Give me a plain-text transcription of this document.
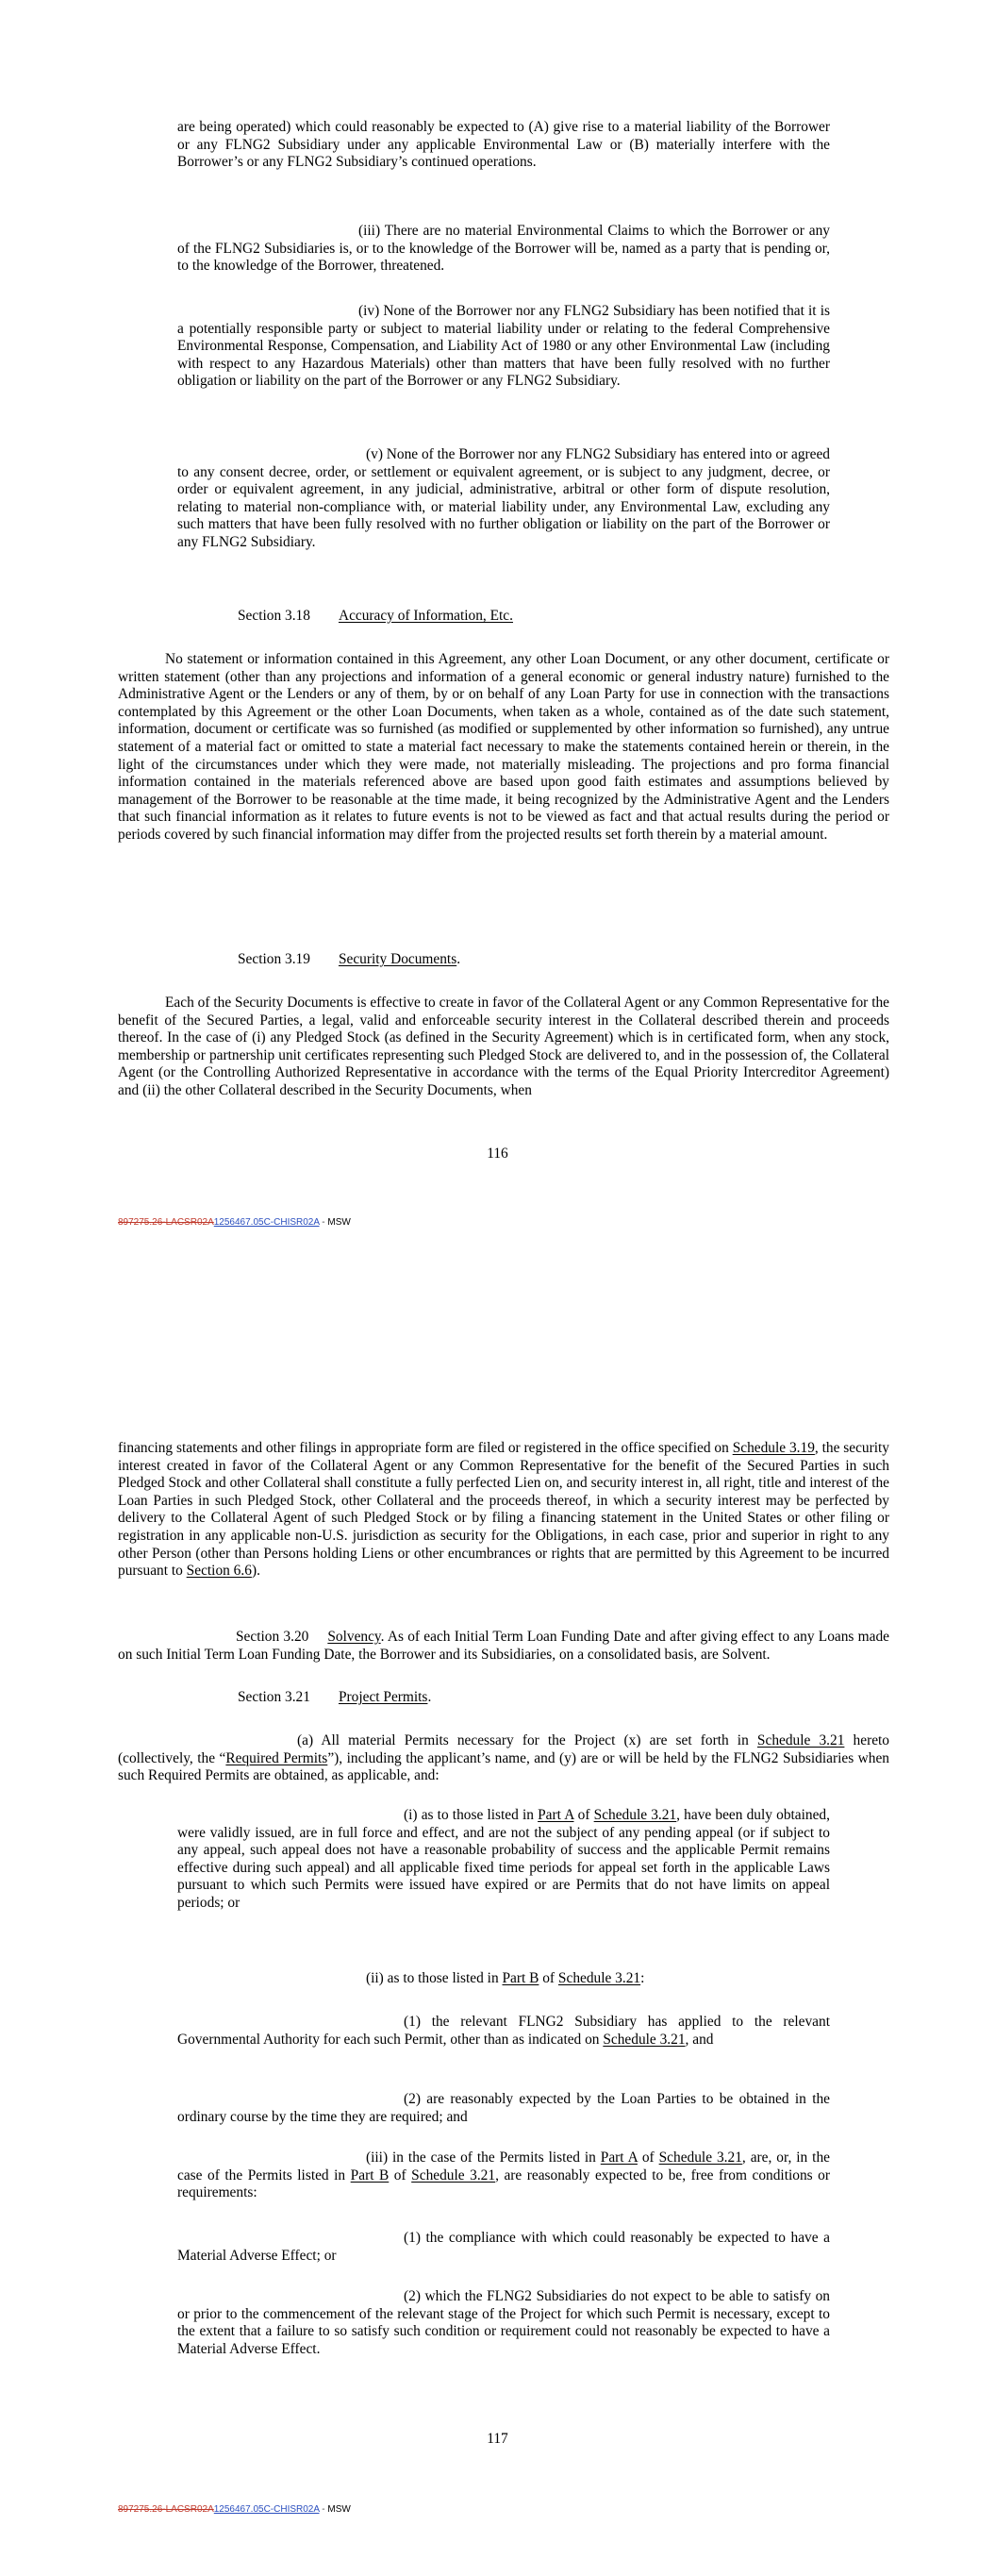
are being operated) which could reasonably be expected to (A) give rise to a material liability of the Borrower or any FLNG2 Subsidiary under any applicable Environmental Law or (B) materially interfere with the Borrower’s or any FLNG2 Subsidiary’s continued operations.

(iii) There are no material Environmental Claims to which the Borrower or any of the FLNG2 Subsidiaries is, or to the knowledge of the Borrower will be, named as a party that is pending or, to the knowledge of the Borrower, threatened.

(iv) None of the Borrower nor any FLNG2 Subsidiary has been notified that it is a potentially responsible party or subject to material liability under or relating to the federal Comprehensive Environmental Response, Compensation, and Liability Act of 1980 or any other Environmental Law (including with respect to any Hazardous Materials) other than matters that have been fully resolved with no further obligation or liability on the part of the Borrower or any FLNG2 Subsidiary.

(v) None of the Borrower nor any FLNG2 Subsidiary has entered into or agreed to any consent decree, order, or settlement or equivalent agreement, or is subject to any judgment, decree, or order or equivalent agreement, in any judicial, administrative, arbitral or other form of dispute resolution, relating to material non-compliance with, or material liability under, any Environmental Law, excluding any such matters that have been fully resolved with no further obligation or liability on the part of the Borrower or any FLNG2 Subsidiary.

Section 3.18 Accuracy of Information, Etc.

No statement or information contained in this Agreement, any other Loan Document, or any other document, certificate or written statement (other than any projections and information of a general economic or general industry nature) furnished to the Administrative Agent or the Lenders or any of them, by or on behalf of any Loan Party for use in connection with the transactions contemplated by this Agreement or the other Loan Documents, when taken as a whole, contained as of the date such statement, information, document or certificate was so furnished (as modified or supplemented by other information so furnished), any untrue statement of a material fact or omitted to state a material fact necessary to make the statements contained herein or therein, in the light of the circumstances under which they were made, not materially misleading. The projections and pro forma financial information contained in the materials referenced above are based upon good faith estimates and assumptions believed by management of the Borrower to be reasonable at the time made, it being recognized by the Administrative Agent and the Lenders that such financial information as it relates to future events is not to be viewed as fact and that actual results during the period or periods covered by such financial information may differ from the projected results set forth therein by a material amount.

Section 3.19 Security Documents.

Each of the Security Documents is effective to create in favor of the Collateral Agent or any Common Representative for the benefit of the Secured Parties, a legal, valid and enforceable security interest in the Collateral described therein and proceeds thereof. In the case of (i) any Pledged Stock (as defined in the Security Agreement) which is in certificated form, when any stock, membership or partnership unit certificates representing such Pledged Stock are delivered to, and in the possession of, the Collateral Agent (or the Controlling Authorized Representative in accordance with the terms of the Equal Priority Intercreditor Agreement) and (ii) the other Collateral described in the Security Documents, when

116
897275.26-LACSR02A1256467.05C-CHISR02A - MSW

financing statements and other filings in appropriate form are filed or registered in the office specified on Schedule 3.19, the security interest created in favor of the Collateral Agent or any Common Representative for the benefit of the Secured Parties in such Pledged Stock and other Collateral shall constitute a fully perfected Lien on, and security interest in, all right, title and interest of the Loan Parties in such Pledged Stock, other Collateral and the proceeds thereof, in which a security interest may be perfected by delivery to the Collateral Agent of such Pledged Stock or by filing a financing statement in the United States or other filing or registration in any applicable non-U.S. jurisdiction as security for the Obligations, in each case, prior and superior in right to any other Person (other than Persons holding Liens or other encumbrances or rights that are permitted by this Agreement to be incurred pursuant to Section 6.6).

Section 3.20 Solvency. As of each Initial Term Loan Funding Date and after giving effect to any Loans made on such Initial Term Loan Funding Date, the Borrower and its Subsidiaries, on a consolidated basis, are Solvent.

Section 3.21 Project Permits.

(a) All material Permits necessary for the Project (x) are set forth in Schedule 3.21 hereto (collectively, the “Required Permits”), including the applicant’s name, and (y) are or will be held by the FLNG2 Subsidiaries when such Required Permits are obtained, as applicable, and:

(i) as to those listed in Part A of Schedule 3.21, have been duly obtained, were validly issued, are in full force and effect, and are not the subject of any pending appeal (or if subject to any appeal, such appeal does not have a reasonable probability of success and the applicable Permit remains effective during such appeal) and all applicable fixed time periods for appeal set forth in the applicable Laws pursuant to which such Permits were issued have expired or are Permits that do not have limits on appeal periods; or

(ii) as to those listed in Part B of Schedule 3.21:

(1) the relevant FLNG2 Subsidiary has applied to the relevant Governmental Authority for each such Permit, other than as indicated on Schedule 3.21, and

(2) are reasonably expected by the Loan Parties to be obtained in the ordinary course by the time they are required; and

(iii) in the case of the Permits listed in Part A of Schedule 3.21, are, or, in the case of the Permits listed in Part B of Schedule 3.21, are reasonably expected to be, free from conditions or requirements:

(1) the compliance with which could reasonably be expected to have a Material Adverse Effect; or

(2) which the FLNG2 Subsidiaries do not expect to be able to satisfy on or prior to the commencement of the relevant stage of the Project for which such Permit is necessary, except to the extent that a failure to so satisfy such condition or requirement could not reasonably be expected to have a Material Adverse Effect.

117
897275.26-LACSR02A1256467.05C-CHISR02A - MSW
